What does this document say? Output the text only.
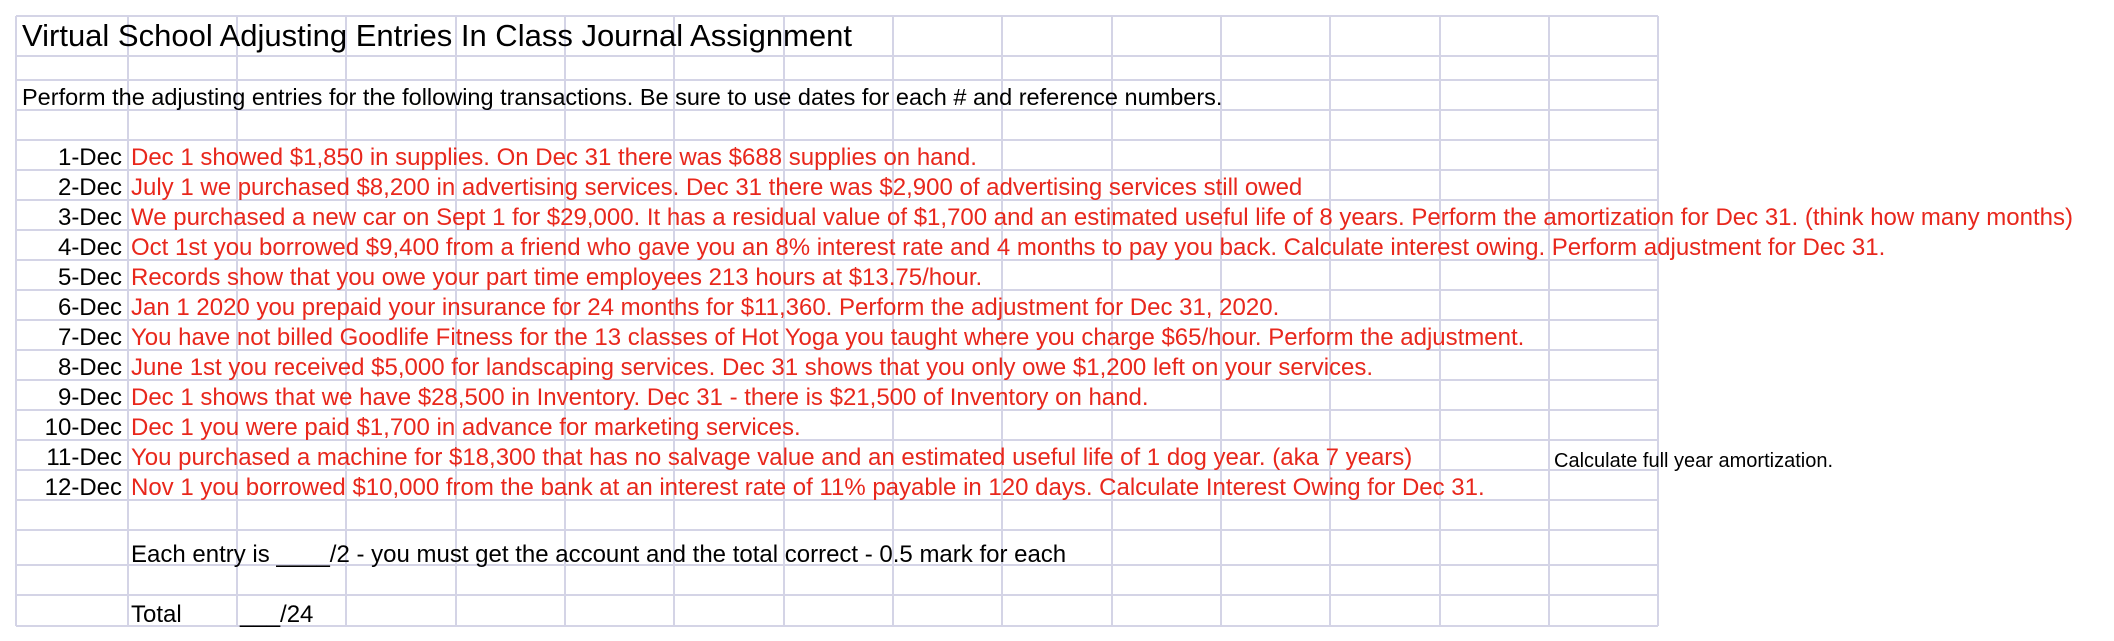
Virtual School Adjusting Entries In Class Journal Assignment
Perform the adjusting entries for the following transactions. Be sure to use dates for each # and reference numbers.
1-Dec Dec 1 showed $1,850 in supplies. On Dec 31 there was $688 supplies on hand.
2-Dec July 1 we purchased $8,200 in advertising services. Dec 31 there was $2,900 of advertising services still owed
3-Dec We purchased a new car on Sept 1 for $29,000. It has a residual value of $1,700 and an estimated useful life of 8 years. Perform the amortization for Dec 31. (think how many months)
4-Dec Oct 1st you borrowed $9,400 from a friend who gave you an 8% interest rate and 4 months to pay you back. Calculate interest owing. Perform adjustment for Dec 31.
5-Dec Records show that you owe your part time employees 213 hours at $13.75/hour.
6-Dec Jan 1 2020 you prepaid your insurance for 24 months for $11,360. Perform the adjustment for Dec 31, 2020.
7-Dec You have not billed Goodlife Fitness for the 13 classes of Hot Yoga you taught where you charge $65/hour. Perform the adjustment.
8-Dec June 1st you received $5,000 for landscaping services. Dec 31 shows that you only owe $1,200 left on your services.
9-Dec Dec 1 shows that we have $28,500 in Inventory. Dec 31 - there is $21,500 of Inventory on hand.
10-Dec Dec 1 you were paid $1,700 in advance for marketing services.
11-Dec You purchased a machine for $18,300 that has no salvage value and an estimated useful life of 1 dog year. (aka 7 years)
12-Dec Nov 1 you borrowed $10,000 from the bank at an interest rate of 11% payable in 120 days. Calculate Interest Owing for Dec 31.
Calculate full year amortization.
Each entry is ____/2 - you must get the account and the total correct - 0.5 mark for each
Total ___/24
